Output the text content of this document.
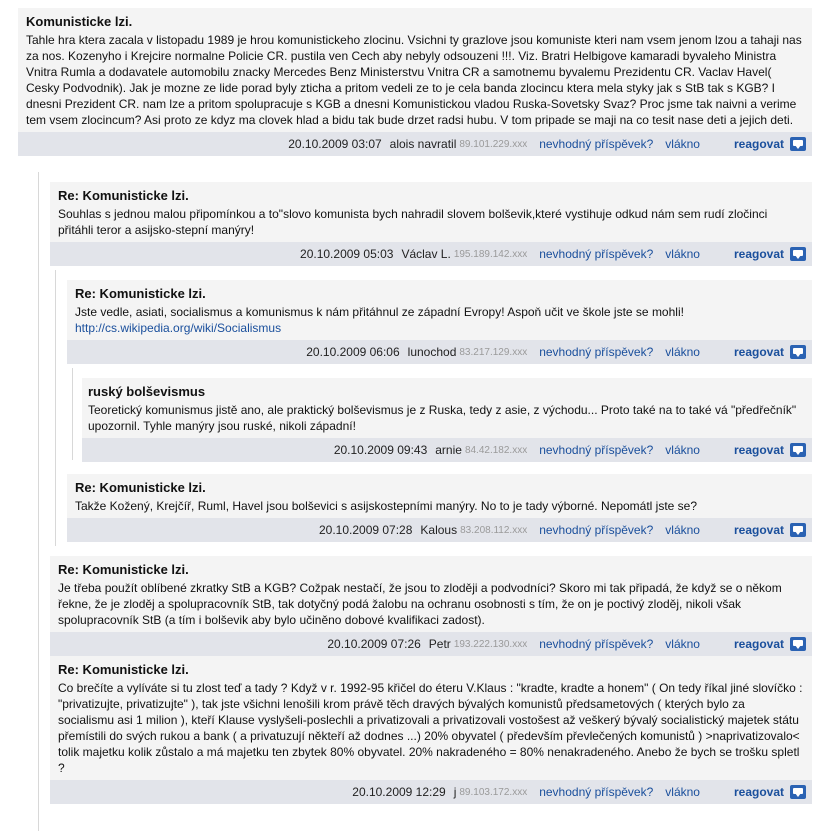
Komunisticke lzi.
Tahle hra ktera zacala v listopadu 1989 je hrou komunistickeho zlocinu. Vsichni ty grazlove jsou komuniste kteri nam vsem jenom lzou a tahaji nas za nos. Kozenyho i Krejcire normalne Policie CR. pustila ven Cech aby nebyly odsouzeni !!!. Viz. Bratri Helbigove kamaradi byvaleho Ministra Vnitra Rumla a dodavatele automobilu znacky Mercedes Benz Ministerstvu Vnitra CR a samotnemu byvalemu Prezidentu CR. Vaclav Havel( Cesky Podvodnik). Jak je mozne ze lide porad byly zticha a pritom vedeli ze to je cela banda zlocincu ktera mela styky jak s StB tak s KGB? I dnesni Prezident CR. nam lze a pritom spolupracuje s KGB a dnesni Komunistickou vladou Ruska-Sovetsky Svaz? Proc jsme tak naivni a verime tem vsem zlocincum? Asi proto ze kdyz ma clovek hlad a bidu tak bude drzet radsi hubu. V tom pripade se maji na co tesit nase deti a jejich deti.
20.10.2009 03:07 alois navratil 89.101.229.xxx nevhodný příspěvek? vlákno	reagovat
Re: Komunisticke lzi.
Souhlas s jednou malou připomínkou a to"slovo komunista bych nahradil slovem bolševik,které vystihuje odkud nám sem rudí zločinci přitáhli teror a asijsko-stepní manýry!
20.10.2009 05:03 Václav L. 195.189.142.xxx nevhodný příspěvek? vlákno	reagovat
Re: Komunisticke lzi.
Jste vedle, asiati, socialismus a komunismus k nám přitáhnul ze západní Evropy! Aspoň učit ve škole jste se mohli!
http://cs.wikipedia.org/wiki/Socialismus
20.10.2009 06:06 lunochod 83.217.129.xxx nevhodný příspěvek? vlákno	reagovat
ruský bolševismus
Teoretický komunismus jistě ano, ale praktický bolševismus je z Ruska, tedy z asie, z východu... Proto také na to také vá "předřečník" upozornil. Tyhle manýry jsou ruské, nikoli západní!
20.10.2009 09:43 arnie 84.42.182.xxx nevhodný příspěvek? vlákno	reagovat
Re: Komunisticke lzi.
Takže Kožený, Krejčíř, Ruml, Havel jsou bolševici s asijskostepními manýry. No to je tady výborné. Nepomátl jste se?
20.10.2009 07:28 Kalous 83.208.112.xxx nevhodný příspěvek? vlákno	reagovat
Re: Komunisticke lzi.
Je třeba použít oblíbené zkratky StB a KGB? Cožpak nestačí, že jsou to zloději a podvodníci? Skoro mi tak připadá, že když se o někom řekne, že je zloděj a spolupracovník StB, tak dotyčný podá žalobu na ochranu osobnosti s tím, že on je poctivý zloděj, nikoli však spolupracovník StB (a tím i bolševik aby bylo učiněno dobové kvalifikaci zadost).
20.10.2009 07:26 Petr 193.222.130.xxx nevhodný příspěvek? vlákno	reagovat
Re: Komunisticke lzi.
Co brečíte a vylíváte si tu zlost teď a tady ? Když v r. 1992-95 křičel do éteru V.Klaus : "kradte, kradte a honem" ( On tedy říkal jiné slovíčko : "privatizujte, privatizujte" ), tak jste všichni lenošili krom právě těch dravých bývalých komunistů předsametových ( kterých bylo za socialismu asi 1 milion ), kteří Klause vyslyšeli-poslechli a privatizovali a privatizovali vostošest až veškerý bývalý socialistický majetek státu přemístili do svých rukou a bank ( a privatuzují někteří až dodnes ...) 20% obyvatel ( především převlečených komunistů ) >naprivatizovalo< tolik majetku kolik zůstalo a má majetku ten zbytek 80% obyvatel. 20% nakradeného = 80% nenakradeného. Anebo že bych se trošku spletl ?
20.10.2009 12:29 j 89.103.172.xxx nevhodný příspěvek? vlákno	reagovat
